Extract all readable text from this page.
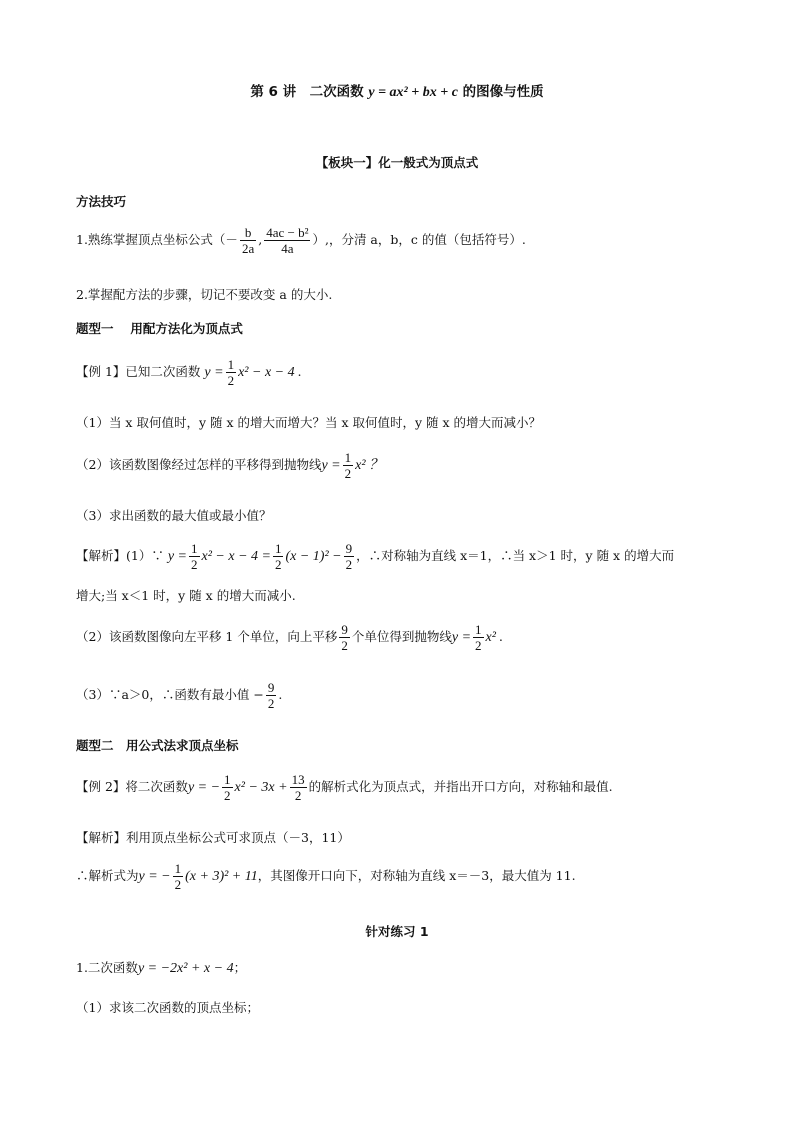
第 6 讲　二次函数 y = ax² + bx + c 的图像与性质
【板块一】化一般式为顶点式
方法技巧
1.熟练掌握顶点坐标公式（－ $\frac{b}{2a}$ , $\frac{\text{4ac − b²}}{4a}$ ）,，分清 a，b，c 的值（包括符号）.
2.掌握配方法的步骤，切记不要改变 a 的大小.
题型一　 用配方法化为顶点式
【例 1】已知二次函数 $y = \frac{1}{2} x^2 - x - 4$ .
（1）当 x 取何值时，y 随 x 的增大而增大？当 x 取何值时，y 随 x 的增大而减小？
（2）该函数图像经过怎样的平移得到抛物线$y = \frac{1}{2} x^2$ ？
（3）求出函数的最大值或最小值？
【解析】(1）∵ $y = \frac{1}{2} x^2 - x - 4 = \frac{1}{2} (x - 1)^2 - \frac{9}{2}$ ，∴对称轴为直线 x＝1，∴当 x＞1 时，y 随 x 的增大而
增大;当 x＜1 时，y 随 x 的增大而减小.
（2）该函数图像向左平移 1 个单位，向上平移 $\frac{9}{2}$ 个单位得到抛物线$y = \frac{1}{2} x^2$ .
（3）∵a＞0，∴函数有最小值 − $\frac{9}{2}$ .
题型二　用公式法求顶点坐标
【例 2】将二次函数y = − $\frac{1}{2} x^2 - 3x + \frac{13}{2}$ 的解析式化为顶点式，并指出开口方向，对称轴和最值.
【解析】利用顶点坐标公式可求顶点（－3，11）
∴解析式为y = − $\frac{1}{2} (x + 3)^2 + 11$，其图像开口向下，对称轴为直线 x＝－3，最大值为 11.
针对练习 1
1.二次函数y = −2x² + x − 4；
（1）求该二次函数的顶点坐标；
